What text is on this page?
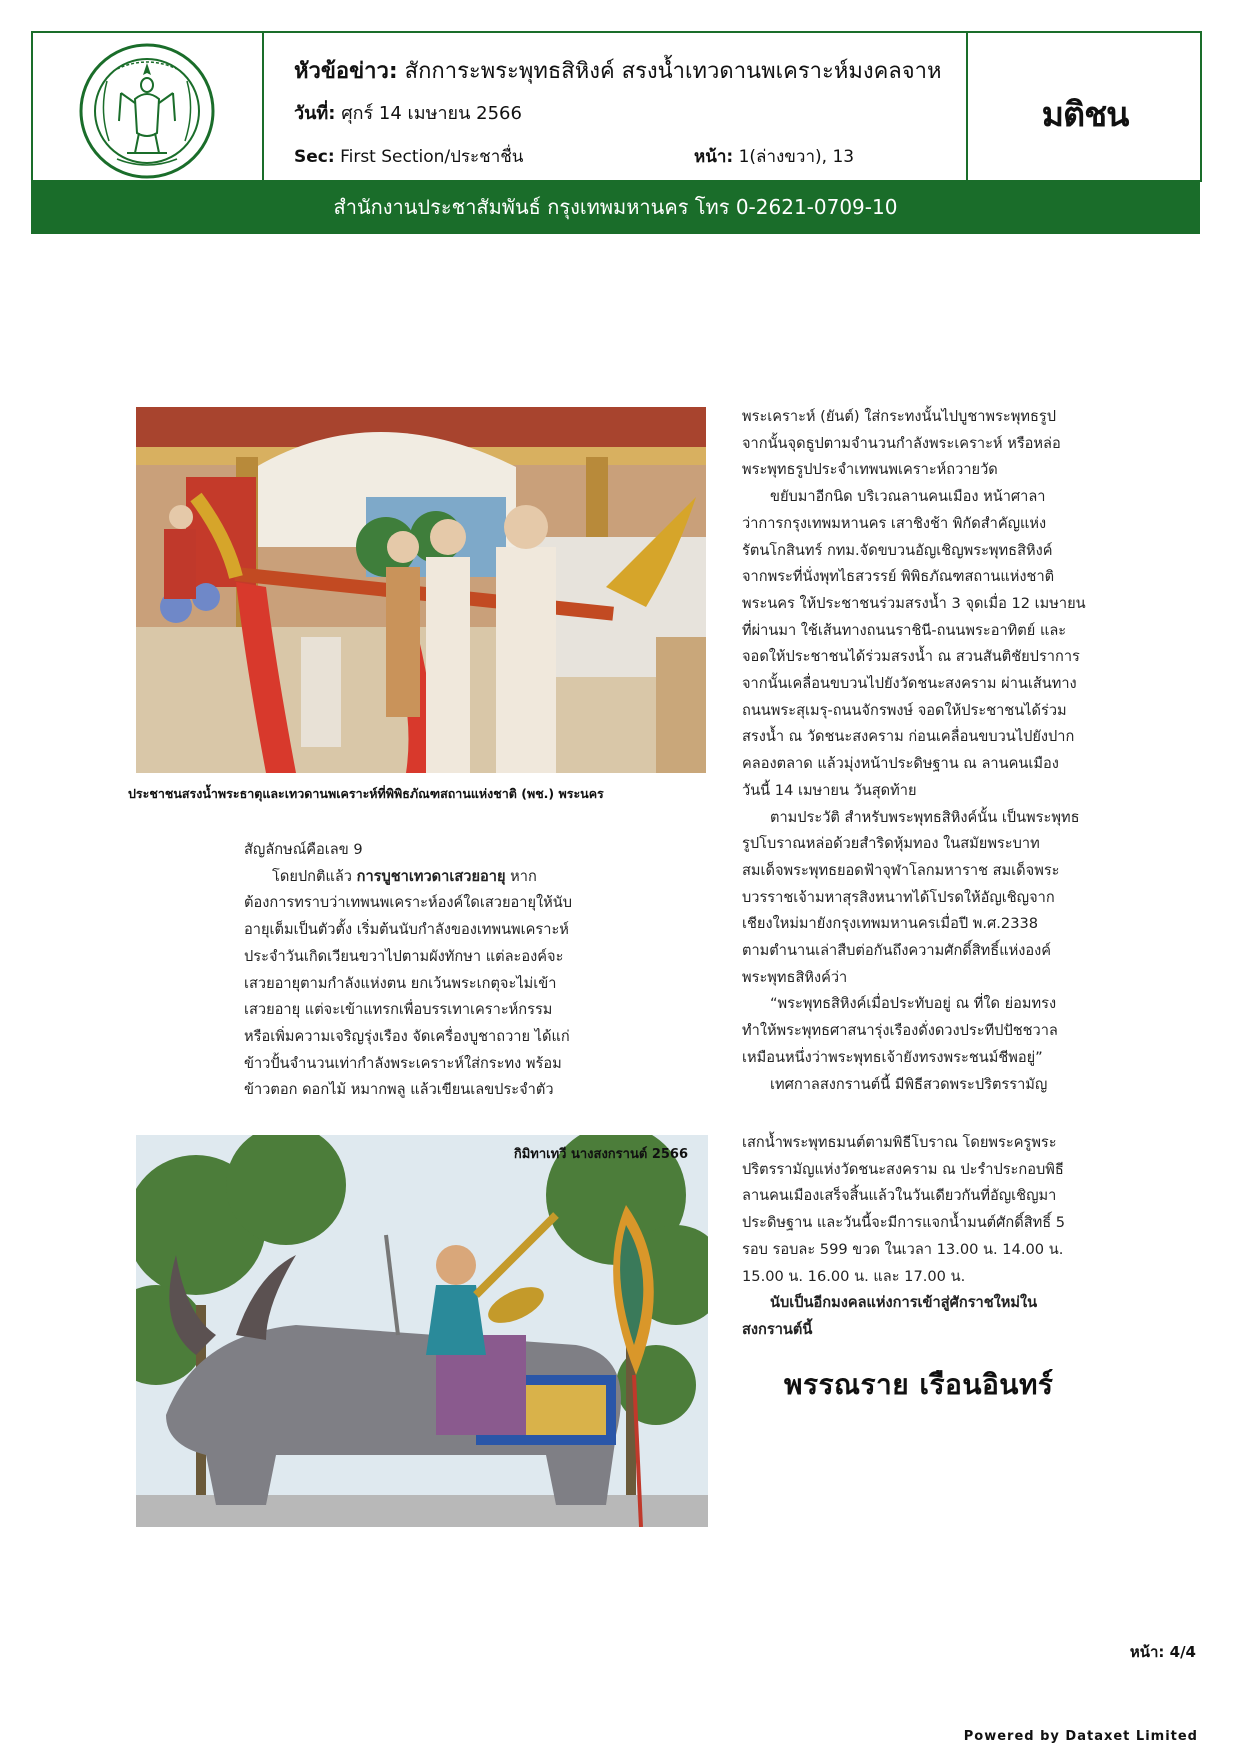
หัวข้อข่าว: สักการะพระพุทธสิหิงค์ สรงน้ำเทวดานพเคราะห์มงคลจาห
วันที่: ศุกร์ 14 เมษายน 2566
Sec: First Section/ประชาชื่น	หน้า: 1(ล่างขวา), 13
มติชน
สำนักงานประชาสัมพันธ์ กรุงเทพมหานคร โทร 0-2621-0709-10
ประชาชนสรงน้ำพระธาตุและเทวดานพเคราะห์ที่พิพิธภัณฑสถานแห่งชาติ (พช.) พระนคร

สัญลักษณ์คือเลข 9

โดยปกติแล้ว การบูชาเทวดาเสวยอายุ หาก

ต้องการทราบว่าเทพนพเคราะห์องค์ใดเสวยอายุให้นับ

อายุเต็มเป็นตัวตั้ง เริ่มต้นนับกำลังของเทพนพเคราะห์

ประจำวันเกิดเวียนขวาไปตามผังทักษา แต่ละองค์จะ

เสวยอายุตามกำลังแห่งตน ยกเว้นพระเกตุจะไม่เข้า

เสวยอายุ แต่จะเข้าแทรกเพื่อบรรเทาเคราะห์กรรม

หรือเพิ่มความเจริญรุ่งเรือง จัดเครื่องบูชาถวาย ได้แก่

ข้าวปั้นจำนวนเท่ากำลังพระเคราะห์ใส่กระทง พร้อม

ข้าวตอก ดอกไม้ หมากพลู แล้วเขียนเลขประจำตัว

กิมิทาเทวี นางสงกรานต์ 2566

พระเคราะห์ (ยันต์) ใส่กระทงนั้นไปบูชาพระพุทธรูป

จากนั้นจุดธูปตามจำนวนกำลังพระเคราะห์ หรือหล่อ

พระพุทธรูปประจำเทพนพเคราะห์ถวายวัด

ขยับมาอีกนิด บริเวณลานคนเมือง หน้าศาลา

ว่าการกรุงเทพมหานคร เสาชิงช้า พิกัดสำคัญแห่ง

รัตนโกสินทร์ กทม.จัดขบวนอัญเชิญพระพุทธสิหิงค์

จากพระที่นั่งพุทไธสวรรย์ พิพิธภัณฑสถานแห่งชาติ

พระนคร ให้ประชาชนร่วมสรงน้ำ 3 จุดเมื่อ 12 เมษายน

ที่ผ่านมา ใช้เส้นทางถนนราชินี-ถนนพระอาทิตย์ และ

จอดให้ประชาชนได้ร่วมสรงน้ำ ณ สวนสันติชัยปราการ

จากนั้นเคลื่อนขบวนไปยังวัดชนะสงคราม ผ่านเส้นทาง

ถนนพระสุเมรุ-ถนนจักรพงษ์ จอดให้ประชาชนได้ร่วม

สรงน้ำ ณ วัดชนะสงคราม ก่อนเคลื่อนขบวนไปยังปาก

คลองตลาด แล้วมุ่งหน้าประดิษฐาน ณ ลานคนเมือง

วันนี้ 14 เมษายน วันสุดท้าย

ตามประวัติ สำหรับพระพุทธสิหิงค์นั้น เป็นพระพุทธ

รูปโบราณหล่อด้วยสำริดหุ้มทอง ในสมัยพระบาท

สมเด็จพระพุทธยอดฟ้าจุฬาโลกมหาราช สมเด็จพระ

บวรราชเจ้ามหาสุรสิงหนาทได้โปรดให้อัญเชิญจาก

เชียงใหม่มายังกรุงเทพมหานครเมื่อปี พ.ศ.2338

ตามตำนานเล่าสืบต่อกันถึงความศักดิ์สิทธิ์แห่งองค์

พระพุทธสิหิงค์ว่า

“พระพุทธสิหิงค์เมื่อประทับอยู่ ณ ที่ใด ย่อมทรง

ทำให้พระพุทธศาสนารุ่งเรืองดั่งดวงประทีปปัชชวาล

เหมือนหนึ่งว่าพระพุทธเจ้ายังทรงพระชนม์ชีพอยู่”

เทศกาลสงกรานต์นี้ มีพิธีสวดพระปริตรรามัญ

เสกน้ำพระพุทธมนต์ตามพิธีโบราณ โดยพระครูพระ

ปริตรรามัญแห่งวัดชนะสงคราม ณ ปะรำประกอบพิธี

ลานคนเมืองเสร็จสิ้นแล้วในวันเดียวกันที่อัญเชิญมา

ประดิษฐาน และวันนี้จะมีการแจกน้ำมนต์ศักดิ์สิทธิ์ 5

รอบ รอบละ 599 ขวด ในเวลา 13.00 น. 14.00 น.

15.00 น. 16.00 น. และ 17.00 น.

นับเป็นอีกมงคลแห่งการเข้าสู่ศักราชใหม่ใน

สงกรานต์นี้

พรรณราย เรือนอินทร์
หน้า: 4/4
Powered by Dataxet Limited
